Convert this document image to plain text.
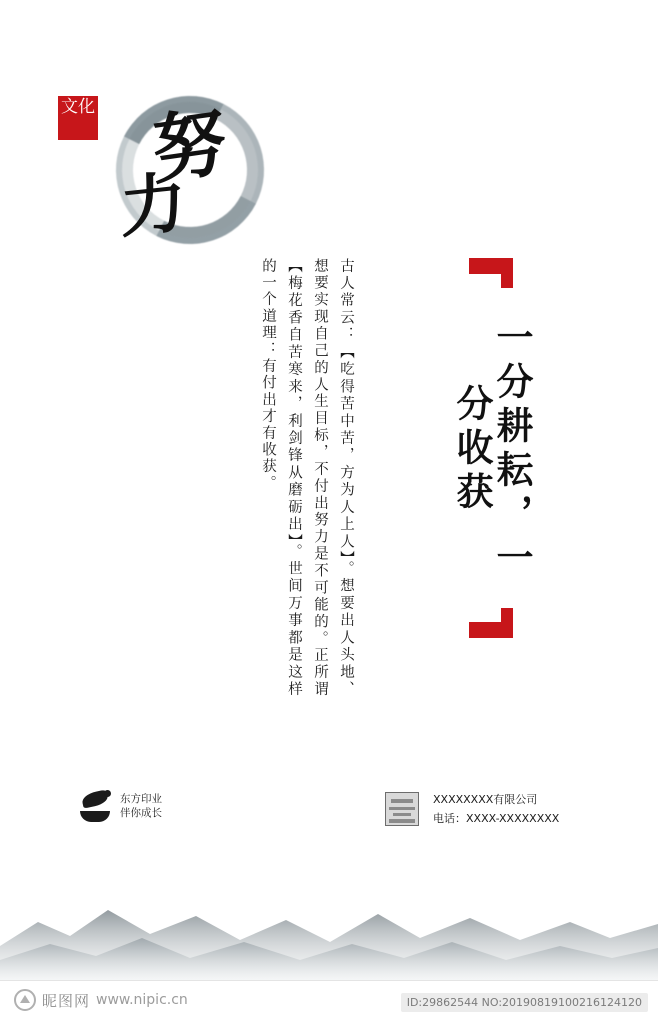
文化 努
力
一分耕耘，一分收获
古人常云：【吃得苦中苦，方为人上人】。想要出人头地、想要实现自己的人生目标，不付出努力是不可能的。正所谓【梅花香自苦寒来，利剑锋从磨砺出】。世间万事都是这样的一个道理：有付出才有收获。
东方印业
伴你成长
XXXXXXXX有限公司
电话：XXXX-XXXXXXXX
昵图网 www.nipic.cn	ID:29862544 NO:20190819100216124120
